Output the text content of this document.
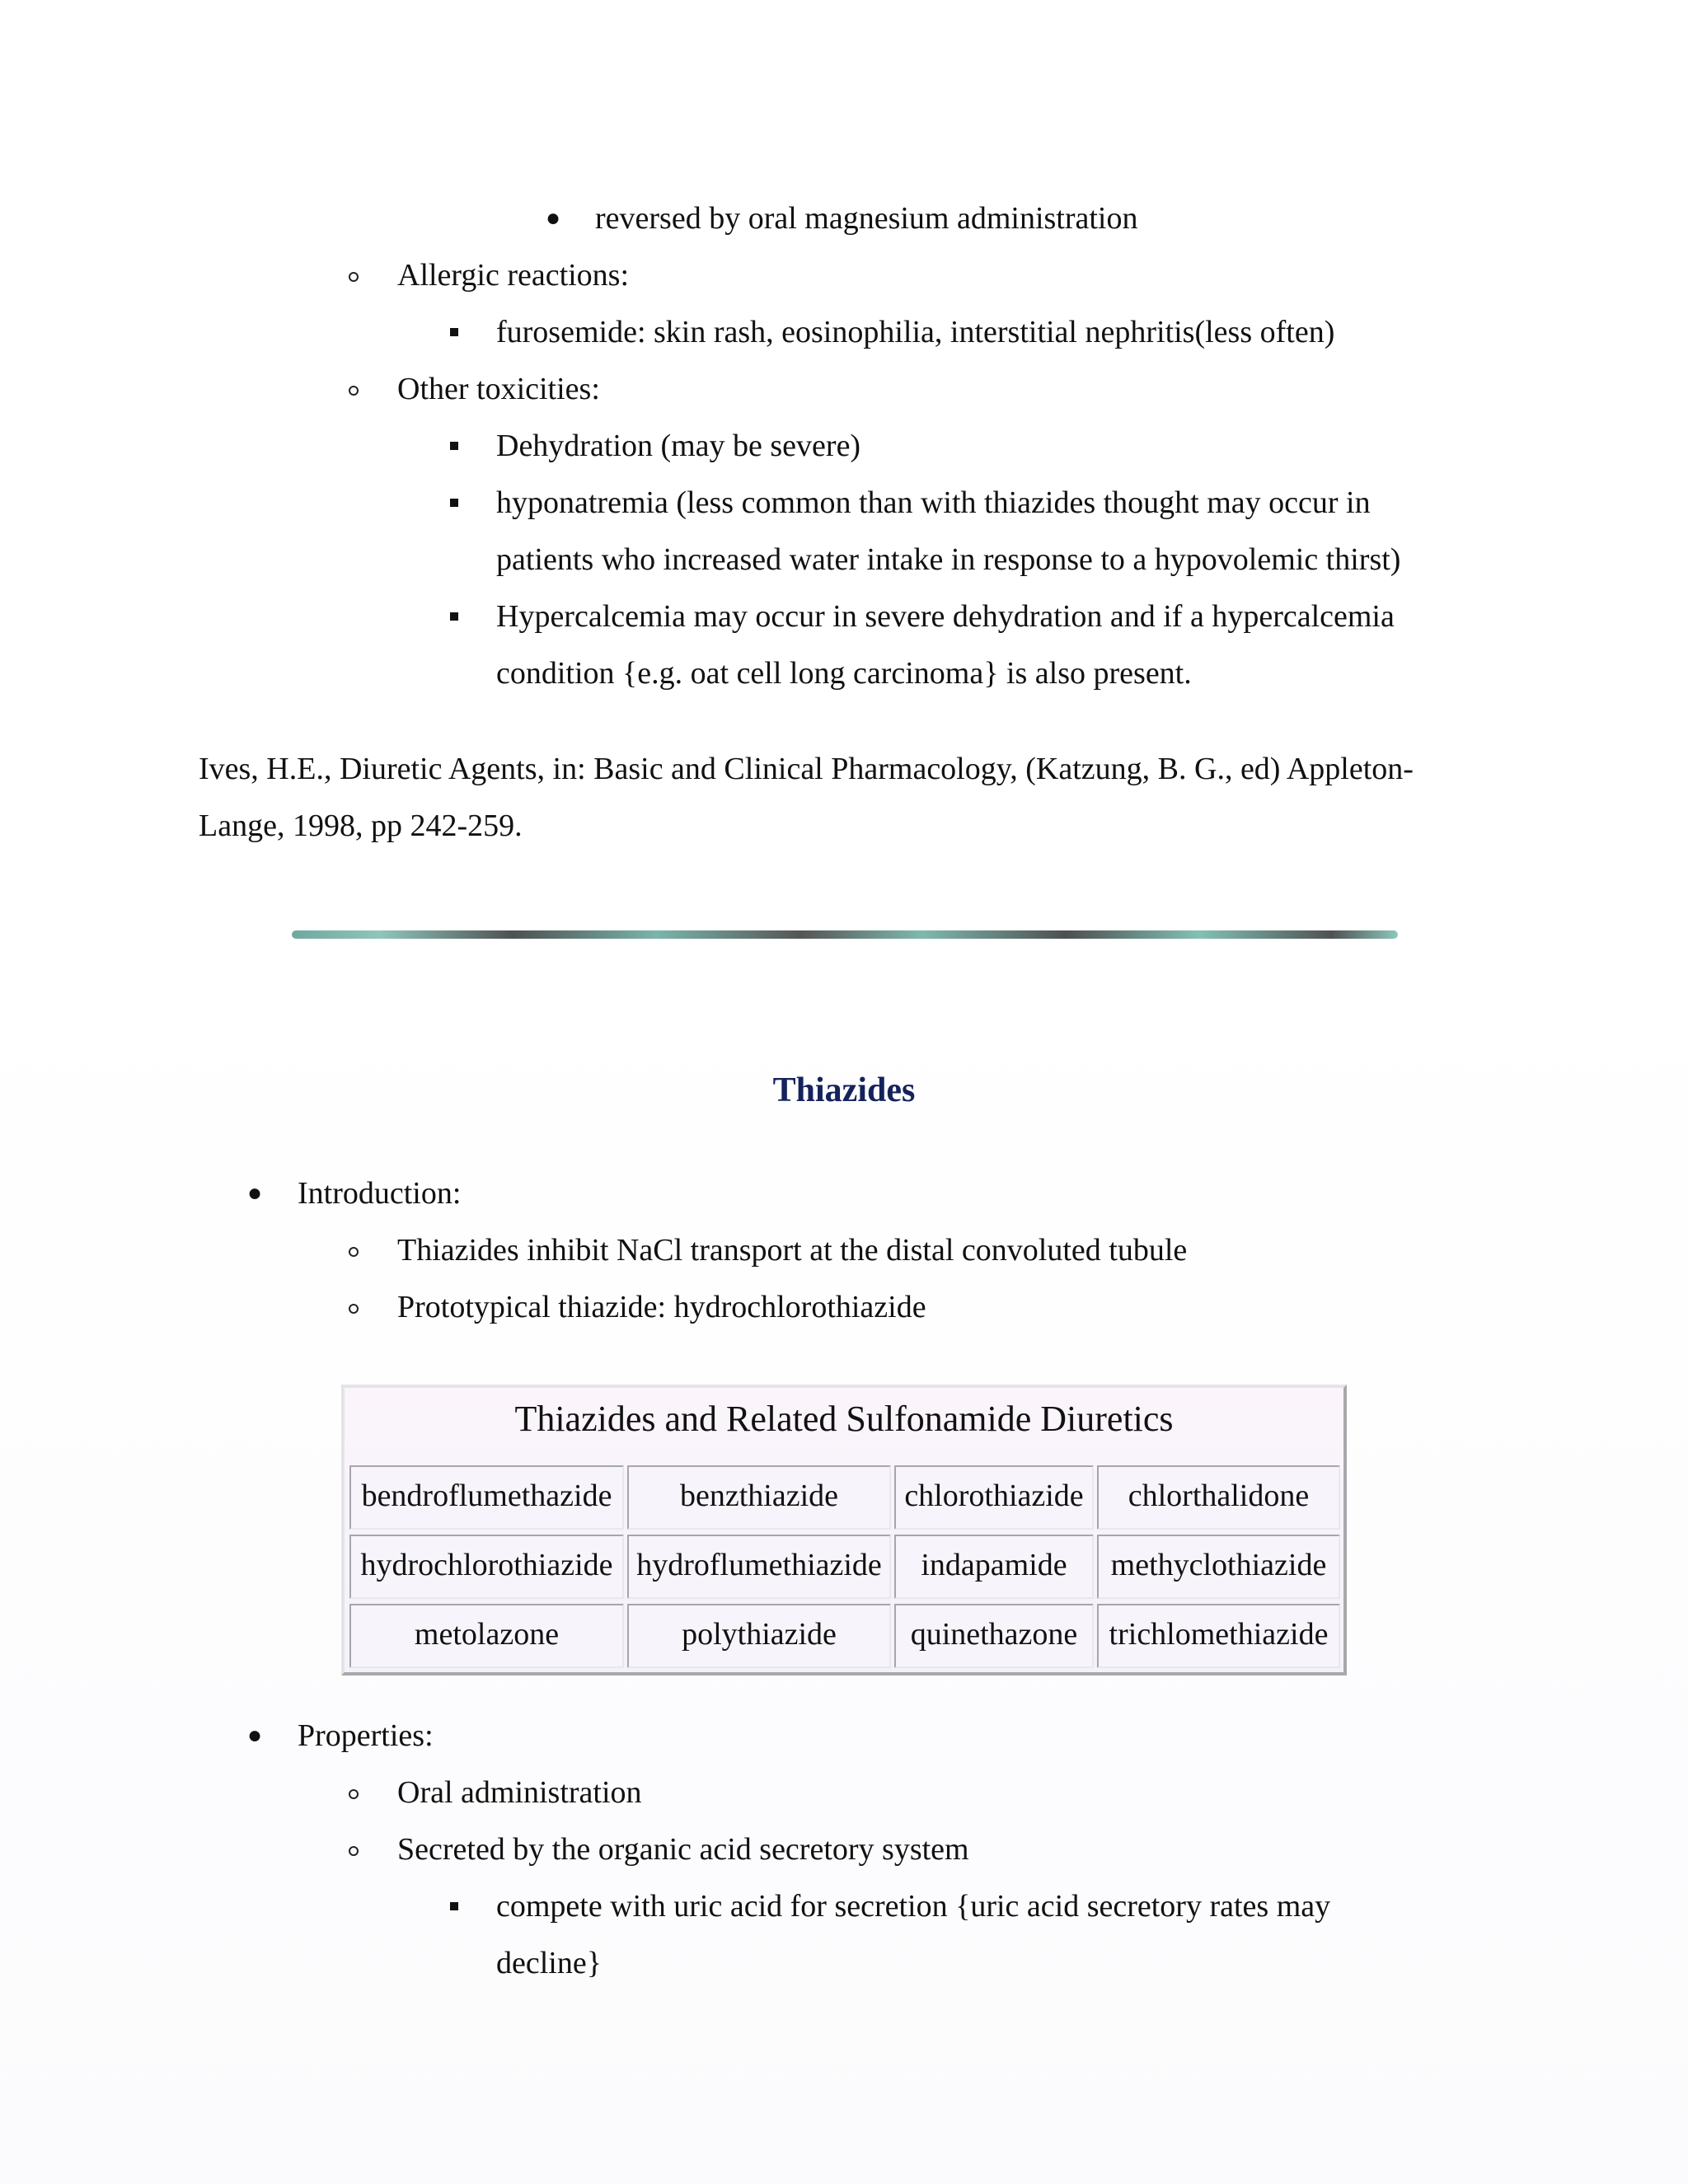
● reversed by oral magnesium administration
Allergic reactions:
furosemide: skin rash, eosinophilia, interstitial nephritis(less often)
Other toxicities:
Dehydration (may be severe)
hyponatremia (less common than with thiazides thought may occur in
patients who increased water intake in response to a hypovolemic thirst)
Hypercalcemia may occur in severe dehydration and if a hypercalcemia
condition {e.g. oat cell long carcinoma} is also present.
Ives, H.E., Diuretic Agents, in: Basic and Clinical Pharmacology, (Katzung, B. G., ed) Appleton-
Lange, 1998, pp 242-259.
Thiazides
● Introduction:
Thiazides inhibit NaCl transport at the distal convoluted tubule
Prototypical thiazide: hydrochlorothiazide
Thiazides and Related Sulfonamide Diuretics
bendroflumethazide	benzthiazide	chlorothiazide	chlorthalidone
hydrochlorothiazide hydroflumethiazide	indapamide	methyclothiazide
metolazone	polythiazide	quinethazone	trichlomethiazide
● Properties:
Oral administration
Secreted by the organic acid secretory system
compete with uric acid for secretion {uric acid secretory rates may
decline}
